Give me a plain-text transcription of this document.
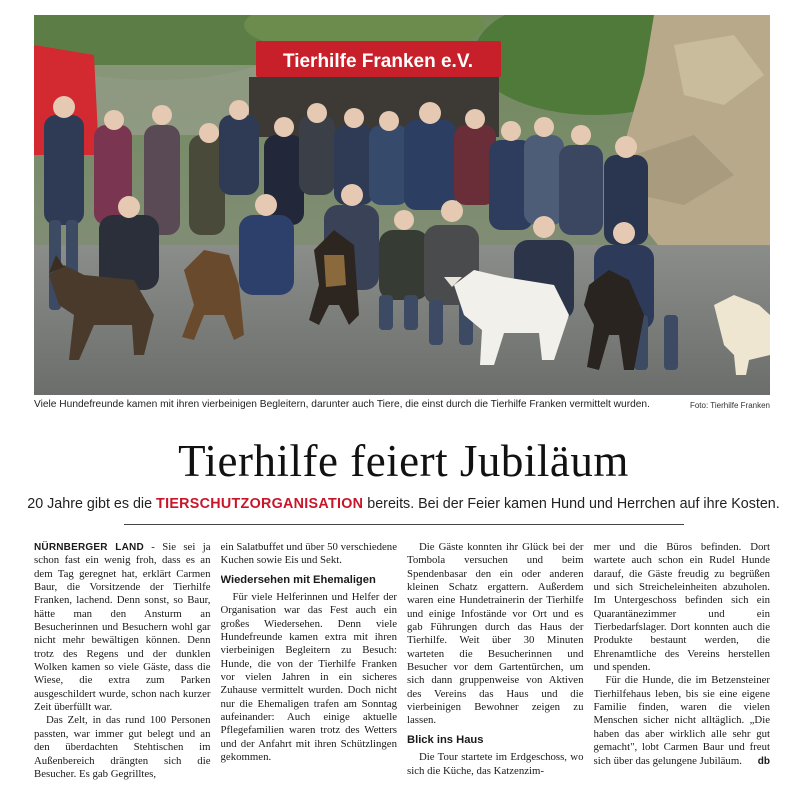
Tierhilfe Franken e.V.
Viele Hundefreunde kamen mit ihren vierbeinigen Begleitern, darunter auch Tiere, die einst durch die Tierhilfe Franken vermittelt wurden.	Foto: Tierhilfe Franken
Tierhilfe feiert Jubiläum
20 Jahre gibt es die TIERSCHUTZORGANISATION bereits. Bei der Feier kamen Hund und Herrchen auf ihre Kosten.

NÜRNBERGER LAND - Sie sei ja schon fast ein wenig froh, dass es an dem Tag geregnet hat, erklärt Carmen Baur, die Vorsitzende der Tierhilfe Franken, lachend. Denn sonst, so Baur, hätte man den Ansturm an Besucherinnen und Besuchern wohl gar nicht mehr bewältigen können. Denn trotz des Regens und der dunklen Wolken kamen so viele Gäste, dass die Wiese, die extra zum Parken ausgeschildert wurde, schon nach kurzer Zeit überfüllt war.

Das Zelt, in das rund 100 Personen passten, war immer gut belegt und an den überdachten Stehtischen im Außenbereich drängten sich die Besucher. Es gab Gegrilltes,

ein Salatbuffet und über 50 verschiedene Kuchen sowie Eis und Sekt.

Wiedersehen mit Ehemaligen

Für viele Helferinnen und Helfer der Organisation war das Fest auch ein großes Wiedersehen. Denn viele Hundefreunde kamen extra mit ihren vierbeinigen Begleitern zu Besuch: Hunde, die von der Tierhilfe Franken vor vielen Jahren in ein sicheres Zuhause vermittelt wurden. Doch nicht nur die Ehemaligen trafen am Sonntag aufeinander: Auch einige aktuelle Pflegefamilien waren trotz des Wetters und der Anfahrt mit ihren Schützlingen gekommen.

Die Gäste konnten ihr Glück bei der Tombola versuchen und beim Spendenbasar den ein oder anderen kleinen Schatz ergattern. Außerdem waren eine Hundetrainerin der Tierhilfe und einige Infostände vor Ort und es gab Führungen durch das Haus der Tierhilfe. Weit über 30 Minuten warteten die Besucherinnen und Besucher vor dem Gartentürchen, um sich dann gruppenweise von Aktiven des Vereins das Haus und die vierbeinigen Bewohner zeigen zu lassen.

Blick ins Haus

Die Tour startete im Erdgeschoss, wo sich die Küche, das Katzenzim-

mer und die Büros befinden. Dort wartete auch schon ein Rudel Hunde darauf, die Gäste freudig zu begrüßen und sich Streicheleinheiten abzuholen. Im Untergeschoss befinden sich ein Quarantänezimmer und ein Tierbedarfslager. Dort konnten auch die Produkte bestaunt werden, die Ehrenamtliche des Vereins herstellen und spenden.

Für die Hunde, die im Betzensteiner Tierhilfehaus leben, bis sie eine eigene Familie finden, waren die vielen Menschen sicher nicht alltäglich. „Die haben das aber wirklich alle sehr gut gemacht", lobt Carmen Baur und freut sich über das gelungene Jubiläum.	db
